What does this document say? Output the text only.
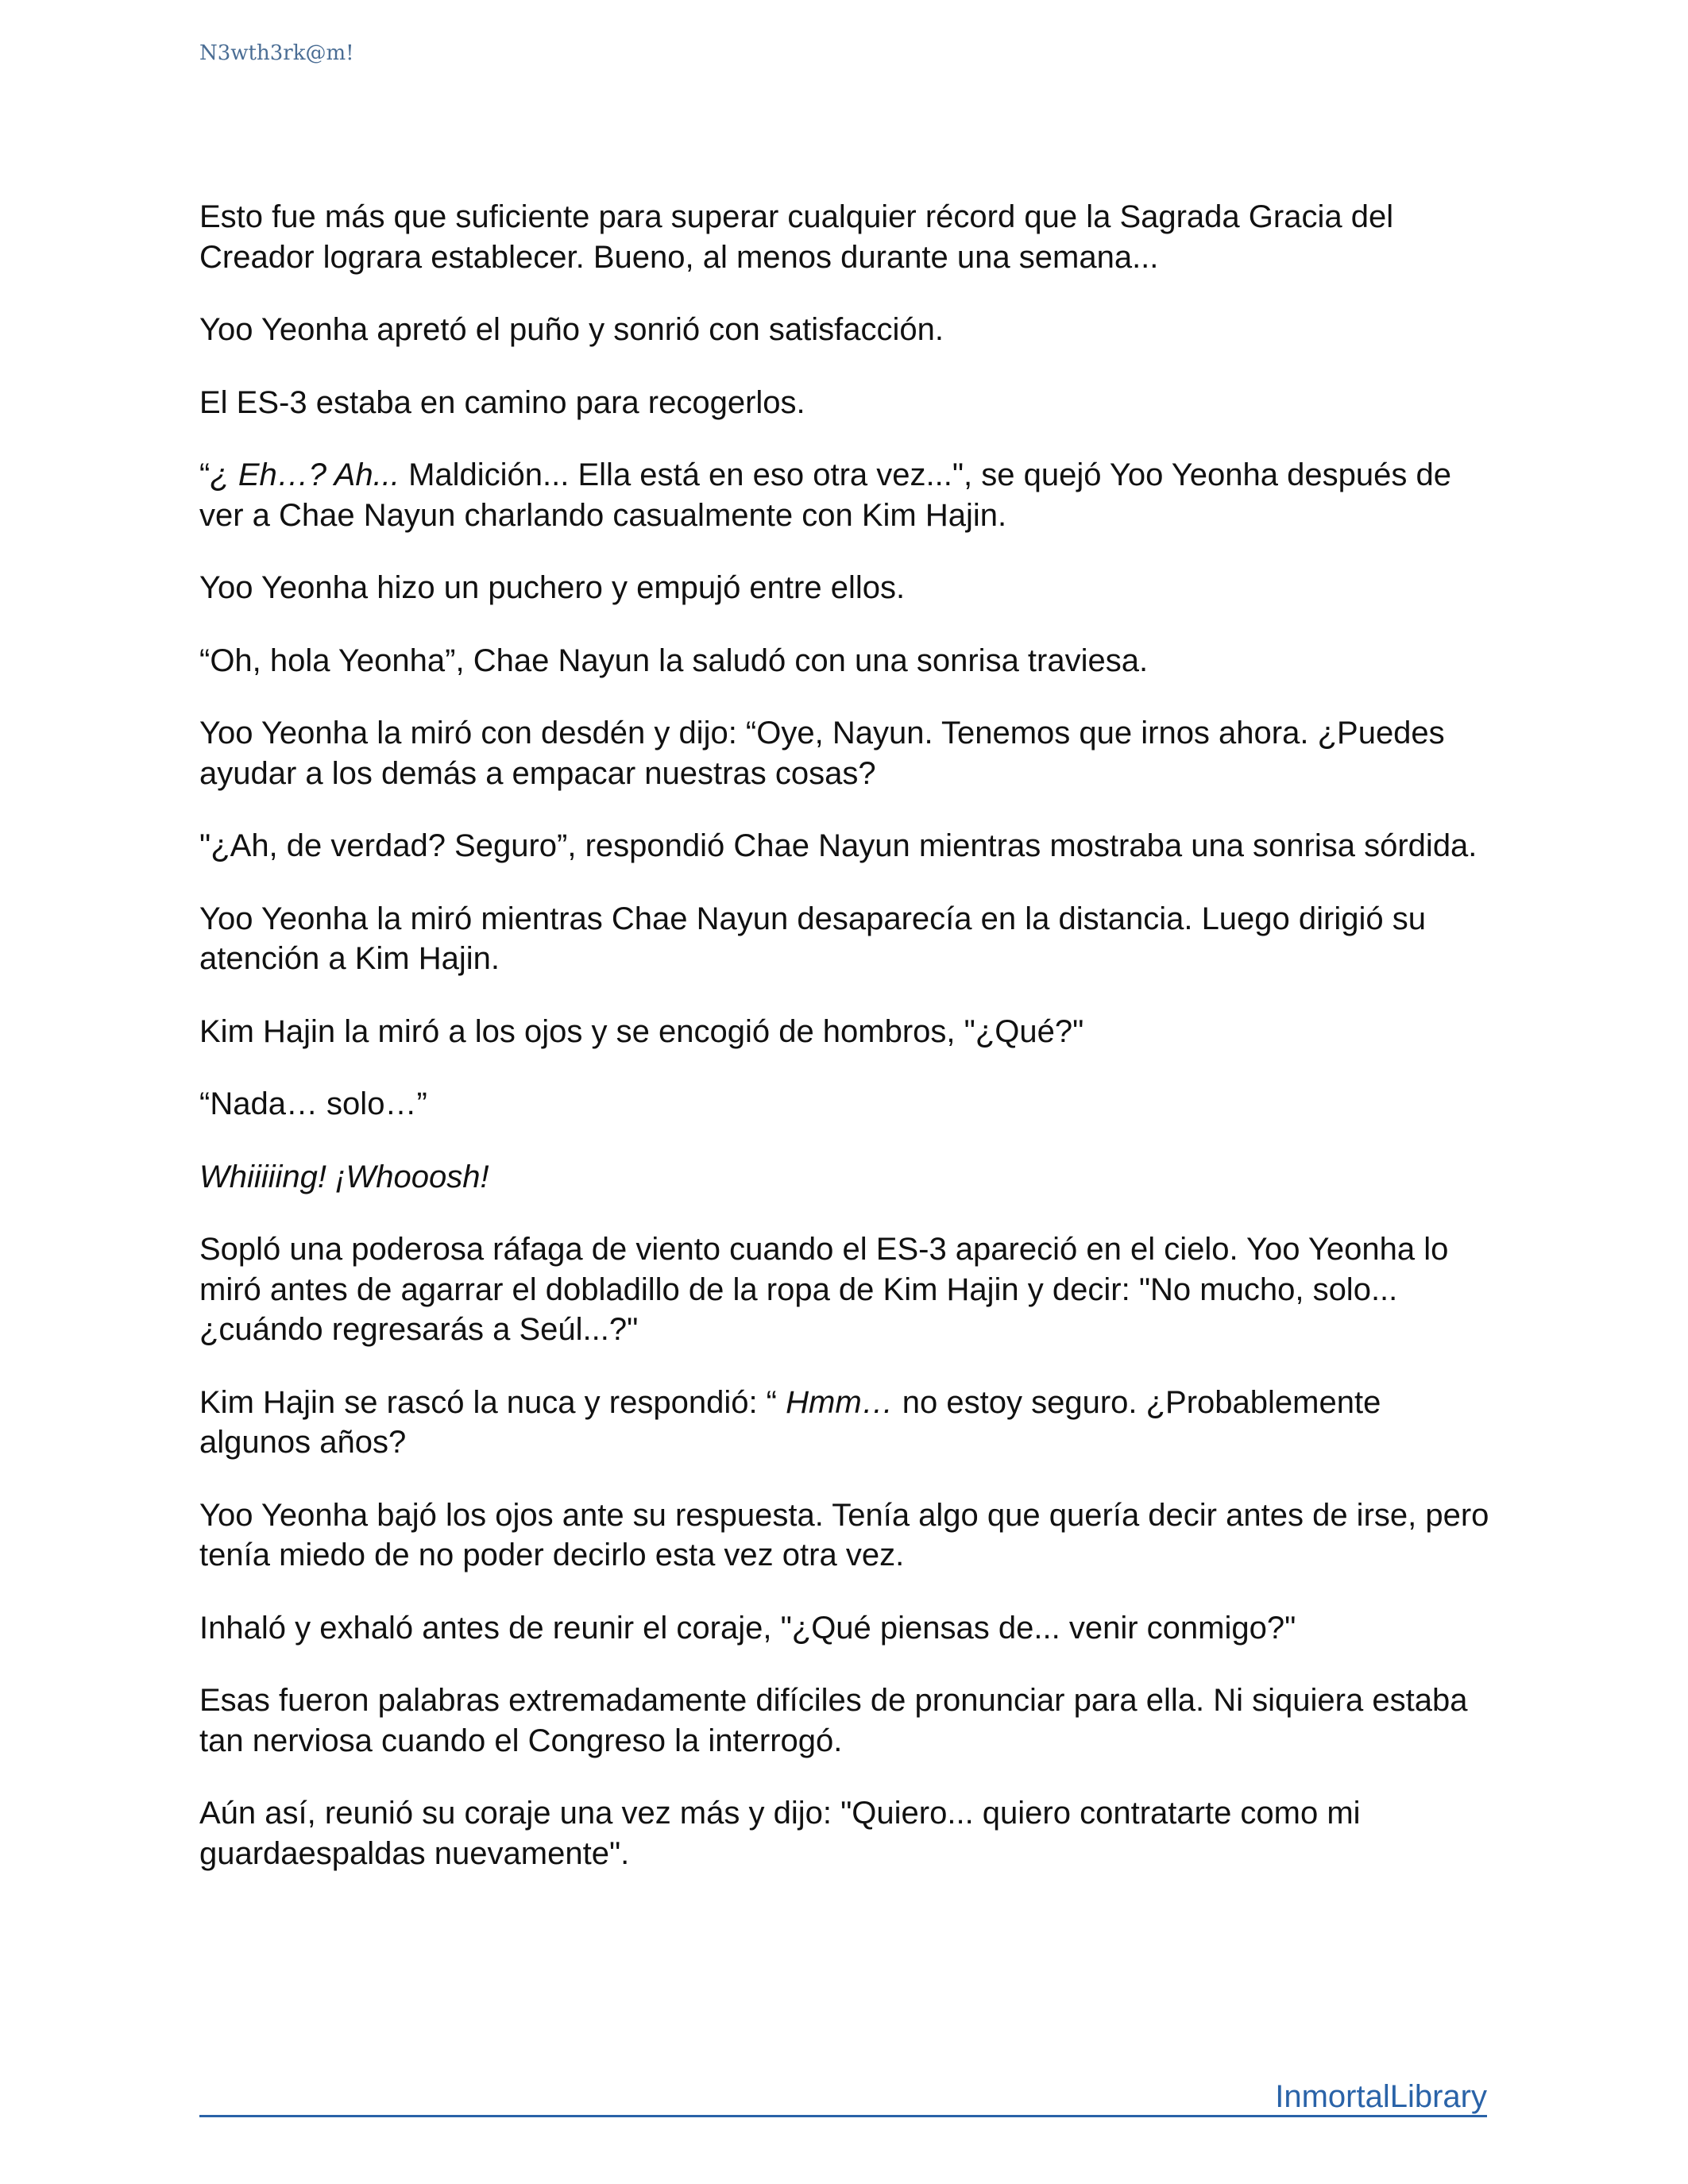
N3wth3rk@m!

Esto fue más que suficiente para superar cualquier récord que la Sagrada Gracia del Creador lograra establecer. Bueno, al menos durante una semana...

Yoo Yeonha apretó el puño y sonrió con satisfacción.

El ES-3 estaba en camino para recogerlos.

“¿ Eh…? Ah... Maldición... Ella está en eso otra vez...", se quejó Yoo Yeonha después de ver a Chae Nayun charlando casualmente con Kim Hajin.

Yoo Yeonha hizo un puchero y empujó entre ellos.

“Oh, hola Yeonha”, Chae Nayun la saludó con una sonrisa traviesa.

Yoo Yeonha la miró con desdén y dijo: “Oye, Nayun. Tenemos que irnos ahora. ¿Puedes ayudar a los demás a empacar nuestras cosas?

"¿Ah, de verdad? Seguro”, respondió Chae Nayun mientras mostraba una sonrisa sórdida.

Yoo Yeonha la miró mientras Chae Nayun desaparecía en la distancia. Luego dirigió su atención a Kim Hajin.

Kim Hajin la miró a los ojos y se encogió de hombros, "¿Qué?"

“Nada… solo…”

Whiiiiing! ¡Whooosh!

Sopló una poderosa ráfaga de viento cuando el ES-3 apareció en el cielo. Yoo Yeonha lo miró antes de agarrar el dobladillo de la ropa de Kim Hajin y decir: "No mucho, solo... ¿cuándo regresarás a Seúl...?"

Kim Hajin se rascó la nuca y respondió: “ Hmm… no estoy seguro. ¿Probablemente algunos años?

Yoo Yeonha bajó los ojos ante su respuesta. Tenía algo que quería decir antes de irse, pero tenía miedo de no poder decirlo esta vez otra vez.

Inhaló y exhaló antes de reunir el coraje, "¿Qué piensas de... venir conmigo?"

Esas fueron palabras extremadamente difíciles de pronunciar para ella. Ni siquiera estaba tan nerviosa cuando el Congreso la interrogó.

Aún así, reunió su coraje una vez más y dijo: "Quiero... quiero contratarte como mi guardaespaldas nuevamente".

InmortalLibrary
